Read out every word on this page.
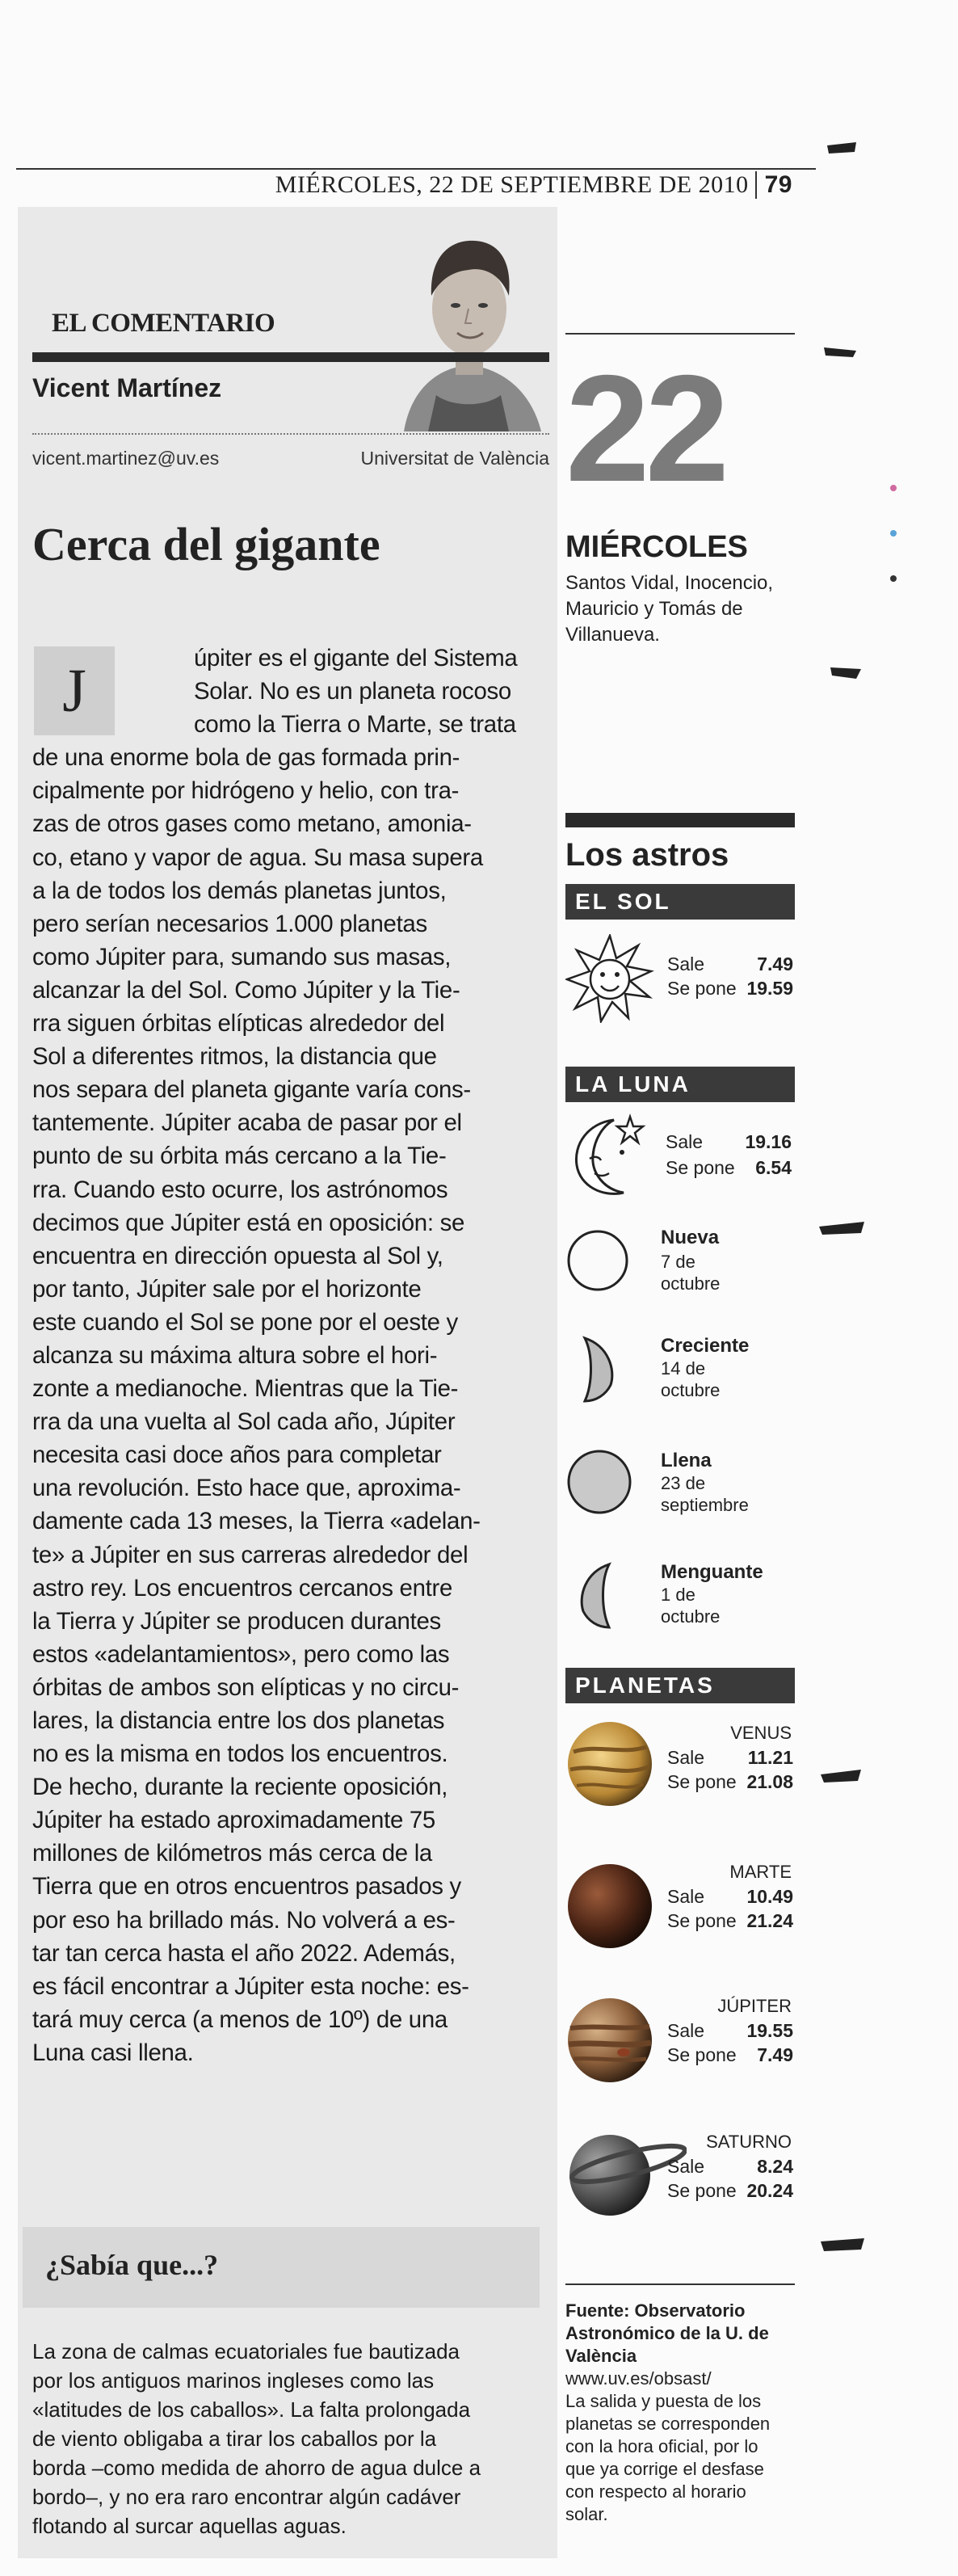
MIÉRCOLES, 22 DE SEPTIEMBRE DE 2010 79
EL COMENTARIO
Vicent Martínez
vicent.martinez@uv.es	Universitat de València
Cerca del gigante
J	úpiter es el gigante del Sistema
Solar. No es un planeta rocoso
como la Tierra o Marte, se trata
de una enorme bola de gas formada prin-
cipalmente por hidrógeno y helio, con tra-
zas de otros gases como metano, amonia-
co, etano y vapor de agua. Su masa supera
a la de todos los demás planetas juntos,
pero serían necesarios 1.000 planetas
como Júpiter para, sumando sus masas,
alcanzar la del Sol. Como Júpiter y la Tie-
rra siguen órbitas elípticas alrededor del
Sol a diferentes ritmos, la distancia que
nos separa del planeta gigante varía cons-
tantemente. Júpiter acaba de pasar por el
punto de su órbita más cercano a la Tie-
rra. Cuando esto ocurre, los astrónomos
decimos que Júpiter está en oposición: se
encuentra en dirección opuesta al Sol y,
por tanto, Júpiter sale por el horizonte
este cuando el Sol se pone por el oeste y
alcanza su máxima altura sobre el hori-
zonte a medianoche. Mientras que la Tie-
rra da una vuelta al Sol cada año, Júpiter
necesita casi doce años para completar
una revolución. Esto hace que, aproxima-
damente cada 13 meses, la Tierra «adelan-
te» a Júpiter en sus carreras alrededor del
astro rey. Los encuentros cercanos entre
la Tierra y Júpiter se producen durantes
estos «adelantamientos», pero como las
órbitas de ambos son elípticas y no circu-
lares, la distancia entre los dos planetas
no es la misma en todos los encuentros.
De hecho, durante la reciente oposición,
Júpiter ha estado aproximadamente 75
millones de kilómetros más cerca de la
Tierra que en otros encuentros pasados y
por eso ha brillado más. No volverá a es-
tar tan cerca hasta el año 2022. Además,
es fácil encontrar a Júpiter esta noche: es-
tará muy cerca (a menos de 10º) de una
Luna casi llena.
¿Sabía que...?
La zona de calmas ecuatoriales fue bautizada
por los antiguos marinos ingleses como las
«latitudes de los caballos». La falta prolongada
de viento obligaba a tirar los caballos por la
borda –como medida de ahorro de agua dulce a
bordo–, y no era raro encontrar algún cadáver
flotando al surcar aquellas aguas.
22
MIÉRCOLES
Santos Vidal, Inocencio,
Mauricio y Tomás de
Villanueva.
Los astros
EL SOL
Sale	7.49
Se pone 19.59
LA LUNA
Sale 19.16
Se pone 6.54
Nueva
7 de
octubre
Creciente
14 de
octubre
Llena
23 de
septiembre
Menguante
1 de
octubre
PLANETAS
VENUS
Sale 11.21
Se pone 21.08
MARTE
Sale 10.49
Se pone 21.24
JÚPITER
Sale 19.55
Se pone 7.49
SATURNO
Sale	8.24
Se pone 20.24
Fuente: Observatorio
Astronómico de la U. de
València
www.uv.es/obsast/
La salida y puesta de los
planetas se corresponden
con la hora oficial, por lo
que ya corrige el desfase
con respecto al horario
solar.
